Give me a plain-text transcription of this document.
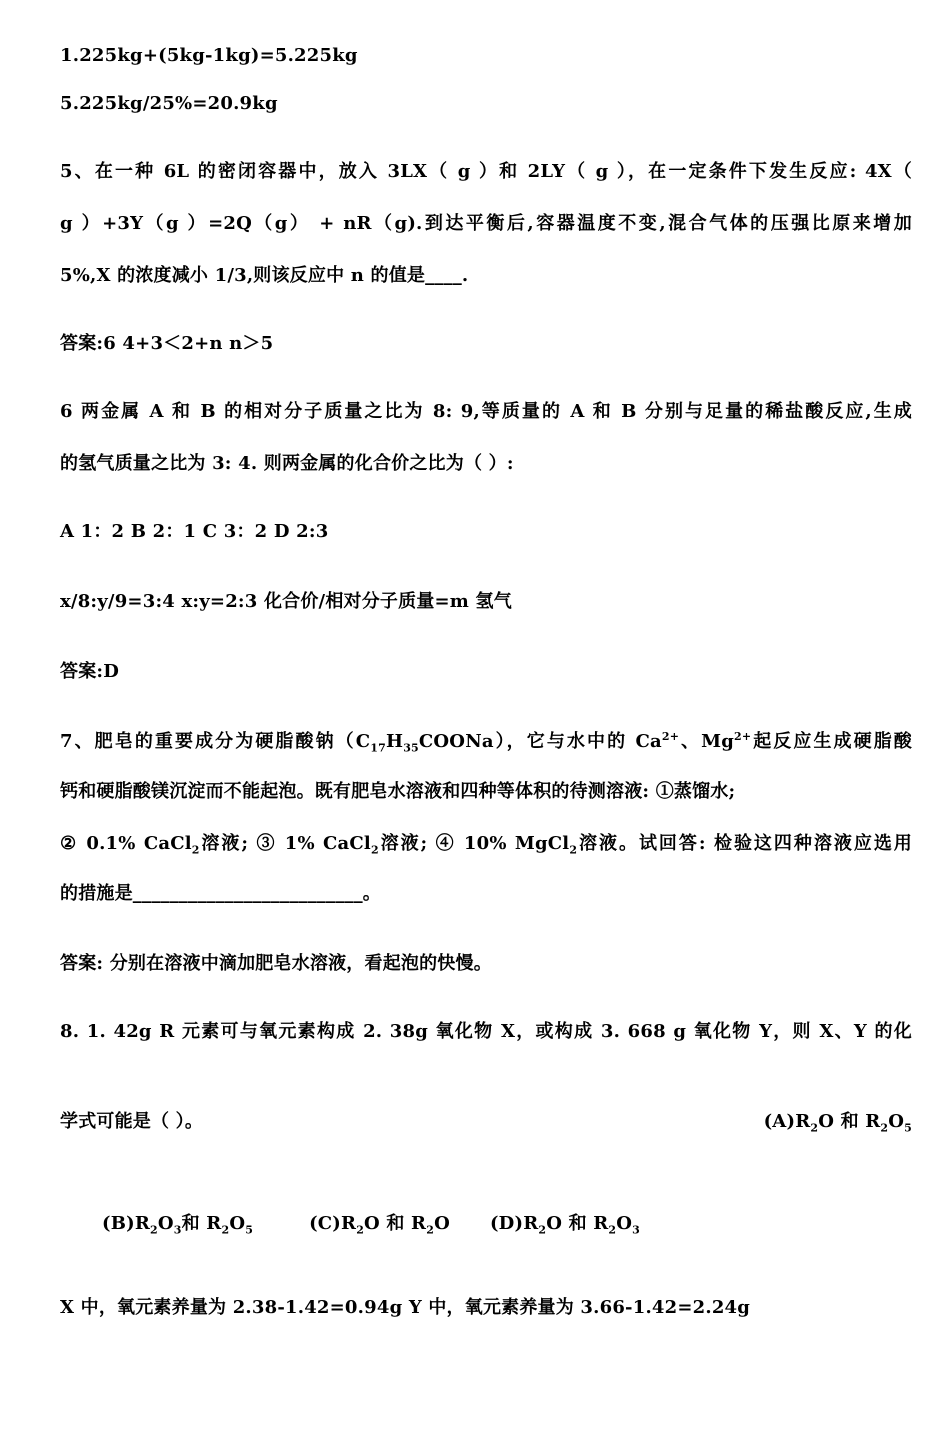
1.225kg+(5kg-1kg)=5.225kg
5.225kg/25%=20.9kg
5、在一种 6L 的密闭容器中，放入 3LX（ g ）和 2LY（ g ），在一定条件下发生反应: 4X（
g ）+3Y（g ）=2Q（g） + nR（g).到达平衡后,容器温度不变,混合气体的压强比原来增加
5%,X 的浓度减小 1/3,则该反应中 n 的值是____.
答案:6 4+3＜2+n n＞5
6 两金属 A 和 B 的相对分子质量之比为 8: 9,等质量的 A 和 B 分别与足量的稀盐酸反应,生成
的氢气质量之比为 3: 4. 则两金属的化合价之比为（ ）:
A 1：2 B 2：1 C 3：2 D 2:3
x/8:y/9=3:4 x:y=2:3 化合价/相对分子质量=m 氢气
答案:D
7、肥皂的重要成分为硬脂酸钠$(C_{17}H_{35}COONa)$，它与水中的 $Ca^{2+}$、$Mg^{2+}$起反应生成硬脂酸
钙和硬脂酸镁沉淀而不能起泡。既有肥皂水溶液和四种等体积的待测溶液: ①蒸馏水;
② 0.1% CaCl$_2$溶液; ③ 1% CaCl$_2$溶液; ④ 10% MgCl$_2$溶液。试回答: 检验这四种溶液应选用
的措施是_________________________。
答案: 分别在溶液中滴加肥皂水溶液，看起泡的快慢。
8. 1. 42g R 元素可与氧元素构成 2. 38g 氧化物 X，或构成 3. 668 g 氧化物 Y，则 X、Y 的化
学式可能是（ ）。	$(A)R_2O$ 和 $R_2O_5$
$(B)R_2O_3$和 $R_2O_5$	$(C)R_2O$ 和 $R_2O$ $(D)R_2O$ 和 $R_2O_3$
X 中，氧元素养量为 2.38-1.42=0.94g Y 中，氧元素养量为 3.66-1.42=2.24g
